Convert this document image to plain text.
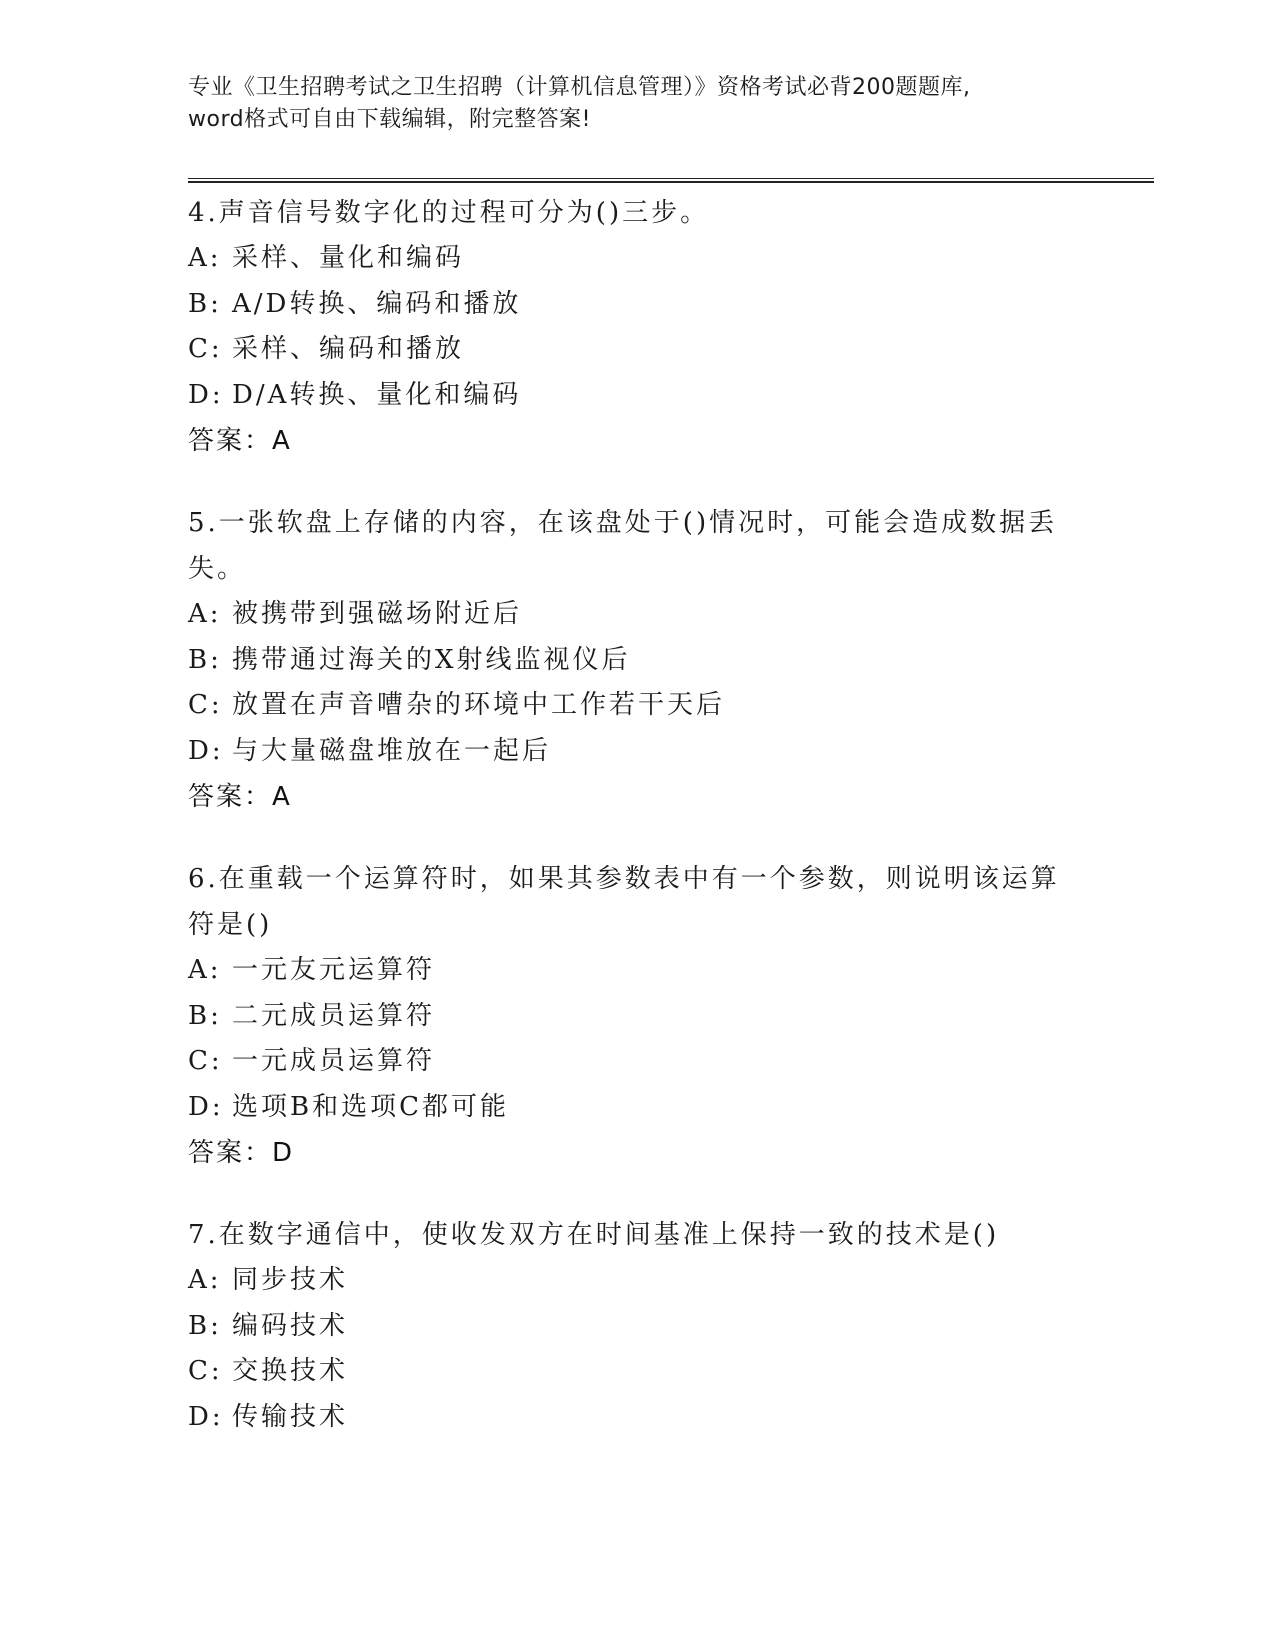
专业《卫生招聘考试之卫生招聘（计算机信息管理）》资格考试必背200题题库,
word格式可自由下载编辑，附完整答案!
4.声音信号数字化的过程可分为()三步。
A: 采样、量化和编码
B: A/D转换、编码和播放
C: 采样、编码和播放
D: D/A转换、量化和编码
答案：A
5.一张软盘上存储的内容，在该盘处于()情况时，可能会造成数据丢失。
A: 被携带到强磁场附近后
B: 携带通过海关的X射线监视仪后
C: 放置在声音嘈杂的环境中工作若干天后
D: 与大量磁盘堆放在一起后
答案：A
6.在重载一个运算符时，如果其参数表中有一个参数，则说明该运算符是()
A: 一元友元运算符
B: 二元成员运算符
C: 一元成员运算符
D: 选项B和选项C都可能
答案：D
7.在数字通信中，使收发双方在时间基准上保持一致的技术是()
A: 同步技术
B: 编码技术
C: 交换技术
D: 传输技术
